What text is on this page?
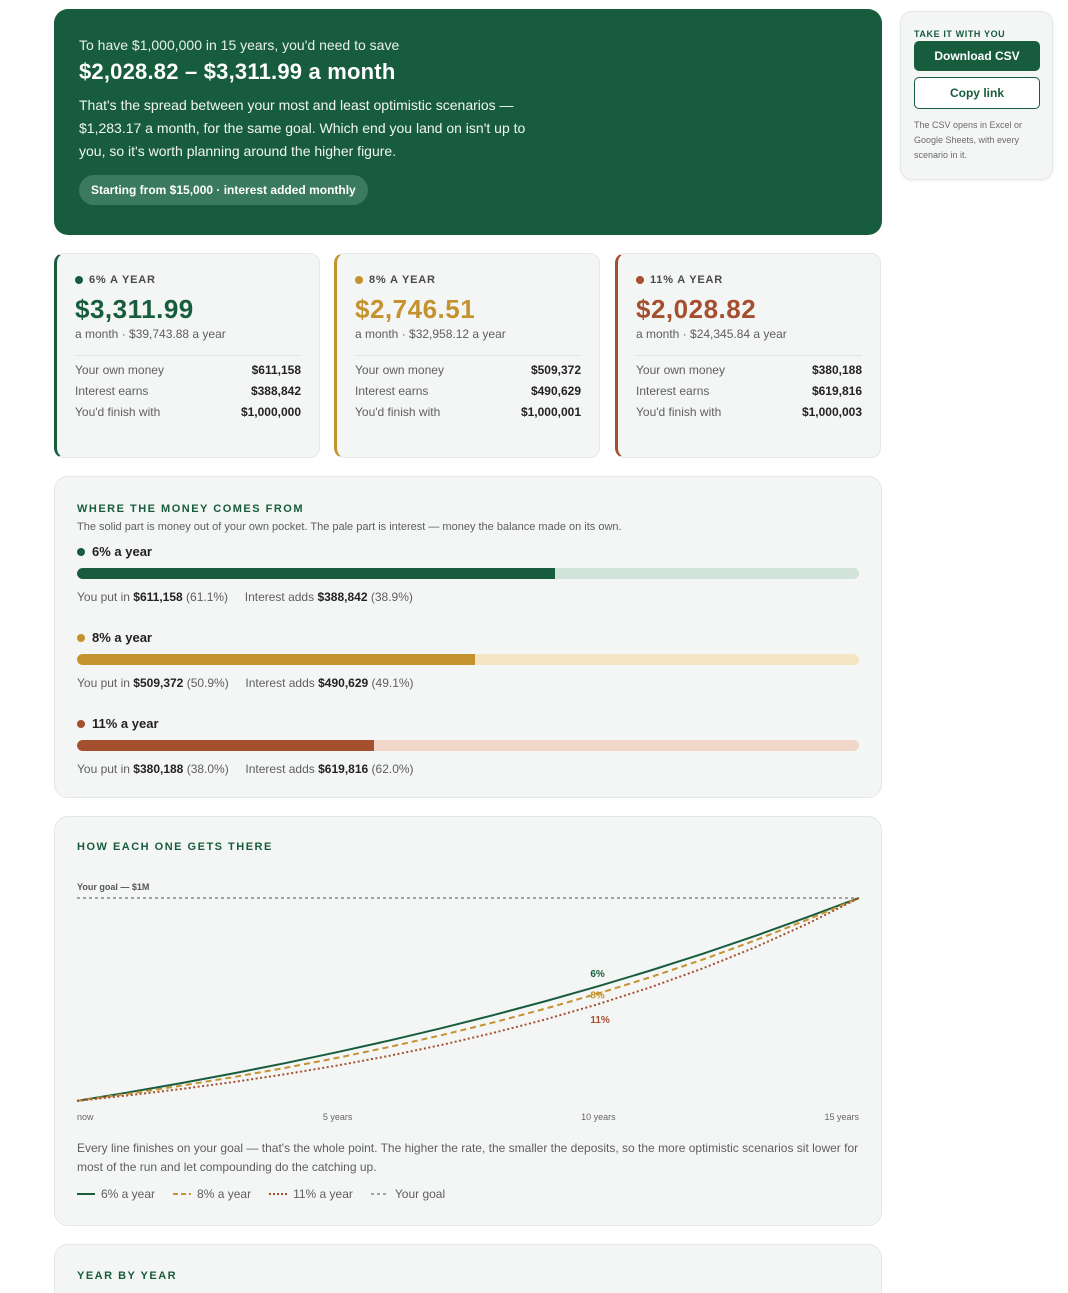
To have $1,000,000 in 15 years, you'd need to save
$2,028.82 – $3,311.99 a month
That's the spread between your most and least optimistic scenarios — $1,283.17 a month, for the same goal. Which end you land on isn't up to you, so it's worth planning around the higher figure.
Starting from $15,000 · interest added monthly
TAKE IT WITH YOU
Download CSV
Copy link
The CSV opens in Excel or Google Sheets, with every scenario in it.
6% A YEAR
$3,311.99
a month · $39,743.88 a year
Your own money	$611,158
Interest earns	$388,842
You'd finish with	$1,000,000
8% A YEAR
$2,746.51
a month · $32,958.12 a year
Your own money	$509,372
Interest earns	$490,629
You'd finish with	$1,000,001
11% A YEAR
$2,028.82
a month · $24,345.84 a year
Your own money	$380,188
Interest earns	$619,816
You'd finish with	$1,000,003
WHERE THE MONEY COMES FROM
The solid part is money out of your own pocket. The pale part is interest — money the balance made on its own.
6% a year
You put in $611,158 (61.1%) Interest adds $388,842 (38.9%)
8% a year
You put in $509,372 (50.9%) Interest adds $490,629 (49.1%)
11% a year
You put in $380,188 (38.0%) Interest adds $619,816 (62.0%)
HOW EACH ONE GETS THERE
Your goal — $1M
6%
8%
11%
now	5 years	10 years	15 years
Every line finishes on your goal — that's the whole point. The higher the rate, the smaller the deposits, so the more optimistic scenarios sit lower for most of the run and let compounding do the catching up.
6% a year	8% a year	11% a year	Your goal
YEAR BY YEAR
